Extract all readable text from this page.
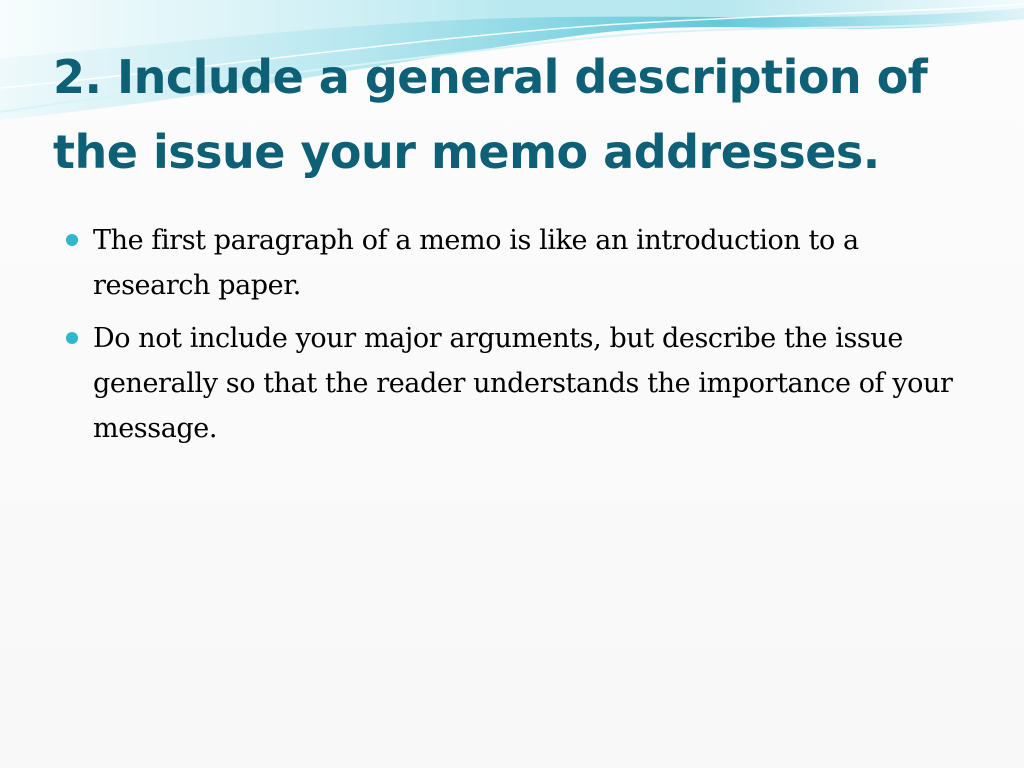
2. Include a general description of the issue your memo addresses.
The first paragraph of a memo is like an introduction to a research paper.
Do not include your major arguments, but describe the issue generally so that the reader understands the importance of your message.
